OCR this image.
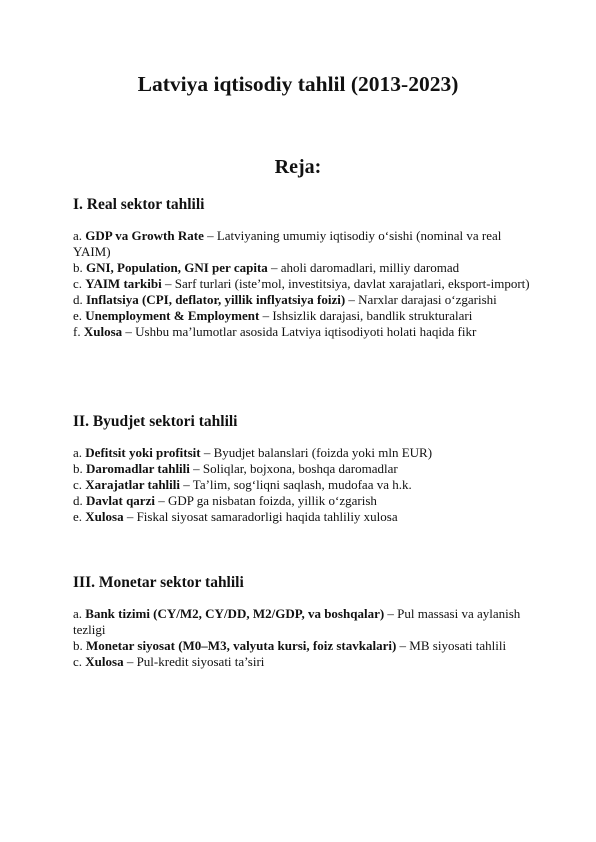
Latviya iqtisodiy tahlil (2013-2023)
Reja:
I. Real sektor tahlili

a. GDP va Growth Rate – Latviyaning umumiy iqtisodiy o‘sishi (nominal va real YAIM)

b. GNI, Population, GNI per capita – aholi daromadlari, milliy daromad

c. YAIM tarkibi – Sarf turlari (iste’mol, investitsiya, davlat xarajatlari, eksport-import)

d. Inflatsiya (CPI, deflator, yillik inflyatsiya foizi) – Narxlar darajasi o‘zgarishi

e. Unemployment & Employment – Ishsizlik darajasi, bandlik strukturalari

f. Xulosa – Ushbu ma’lumotlar asosida Latviya iqtisodiyoti holati haqida fikr

II. Byudjet sektori tahlili

a. Defitsit yoki profitsit – Byudjet balanslari (foizda yoki mln EUR)

b. Daromadlar tahlili – Soliqlar, bojxona, boshqa daromadlar

c. Xarajatlar tahlili – Ta’lim, sog‘liqni saqlash, mudofaa va h.k.

d. Davlat qarzi – GDP ga nisbatan foizda, yillik o‘zgarish

e. Xulosa – Fiskal siyosat samaradorligi haqida tahliliy xulosa

III. Monetar sektor tahlili

a. Bank tizimi (CY/M2, CY/DD, M2/GDP, va boshqalar) – Pul massasi va aylanish tezligi

b. Monetar siyosat (M0–M3, valyuta kursi, foiz stavkalari) – MB siyosati tahlili

c. Xulosa – Pul-kredit siyosati ta’siri
